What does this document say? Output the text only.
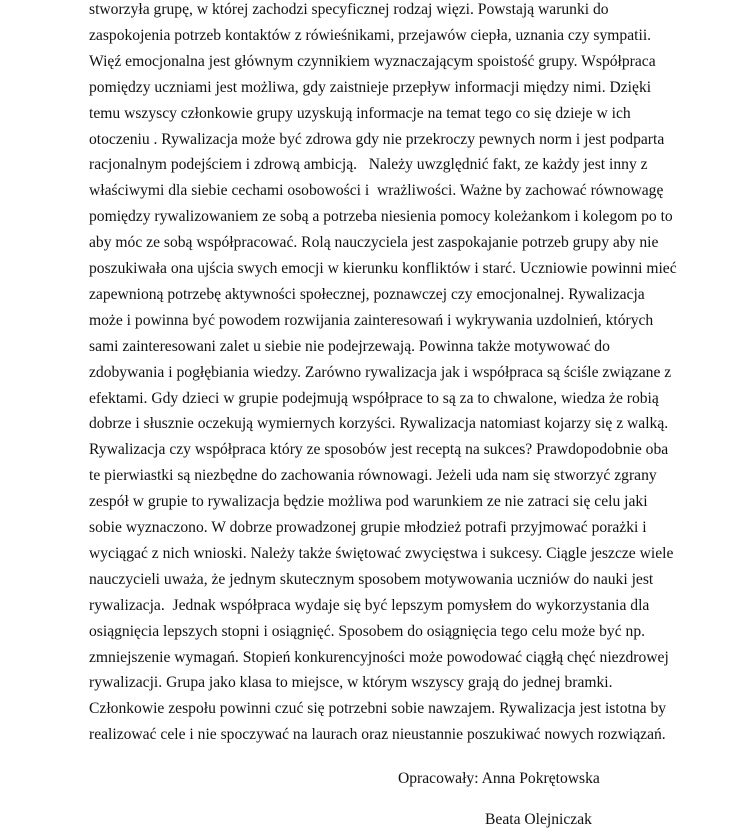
stworzyła grupę, w której zachodzi specyficznej rodzaj więzi. Powstają warunki do
zaspokojenia potrzeb kontaktów z rówieśnikami, przejawów ciepła, uznania czy sympatii.
Więź emocjonalna jest głównym czynnikiem wyznaczającym spoistość grupy. Współpraca
pomiędzy uczniami jest możliwa, gdy zaistnieje przepływ informacji między nimi. Dzięki
temu wszyscy członkowie grupy uzyskują informacje na temat tego co się dzieje w ich
otoczeniu . Rywalizacja może być zdrowa gdy nie przekroczy pewnych norm i jest podparta
racjonalnym podejściem i zdrową ambicją.   Należy uwzględnić fakt, ze każdy jest inny z
właściwymi dla siebie cechami osobowości i  wrażliwości. Ważne by zachować równowagę
pomiędzy rywalizowaniem ze sobą a potrzeba niesienia pomocy koleżankom i kolegom po to
aby móc ze sobą współpracować. Rolą nauczyciela jest zaspokajanie potrzeb grupy aby nie
poszukiwała ona ujścia swych emocji w kierunku konfliktów i starć. Uczniowie powinni mieć
zapewnioną potrzebę aktywności społecznej, poznawczej czy emocjonalnej. Rywalizacja
może i powinna być powodem rozwijania zainteresowań i wykrywania uzdolnień, których
sami zainteresowani zalet u siebie nie podejrzewają. Powinna także motywować do
zdobywania i pogłębiania wiedzy. Zarówno rywalizacja jak i współpraca są ściśle związane z
efektami. Gdy dzieci w grupie podejmują współprace to są za to chwalone, wiedza że robią
dobrze i słusznie oczekują wymiernych korzyści. Rywalizacja natomiast kojarzy się z walką.
Rywalizacja czy współpraca który ze sposobów jest receptą na sukces? Prawdopodobnie oba
te pierwiastki są niezbędne do zachowania równowagi. Jeżeli uda nam się stworzyć zgrany
zespół w grupie to rywalizacja będzie możliwa pod warunkiem ze nie zatraci się celu jaki
sobie wyznaczono. W dobrze prowadzonej grupie młodzież potrafi przyjmować porażki i
wyciągać z nich wnioski. Należy także świętować zwycięstwa i sukcesy. Ciągle jeszcze wiele
nauczycieli uważa, że jednym skutecznym sposobem motywowania uczniów do nauki jest
rywalizacja.  Jednak współpraca wydaje się być lepszym pomysłem do wykorzystania dla
osiągnięcia lepszych stopni i osiągnięć. Sposobem do osiągnięcia tego celu może być np.
zmniejszenie wymagań. Stopień konkurencyjności może powodować ciągłą chęć niezdrowej
rywalizacji. Grupa jako klasa to miejsce, w którym wszyscy grają do jednej bramki.
Członkowie zespołu powinni czuć się potrzebni sobie nawzajem. Rywalizacja jest istotna by
realizować cele i nie spoczywać na laurach oraz nieustannie poszukiwać nowych rozwiązań.
Opracowały: Anna Pokrętowska
Beata Olejniczak
